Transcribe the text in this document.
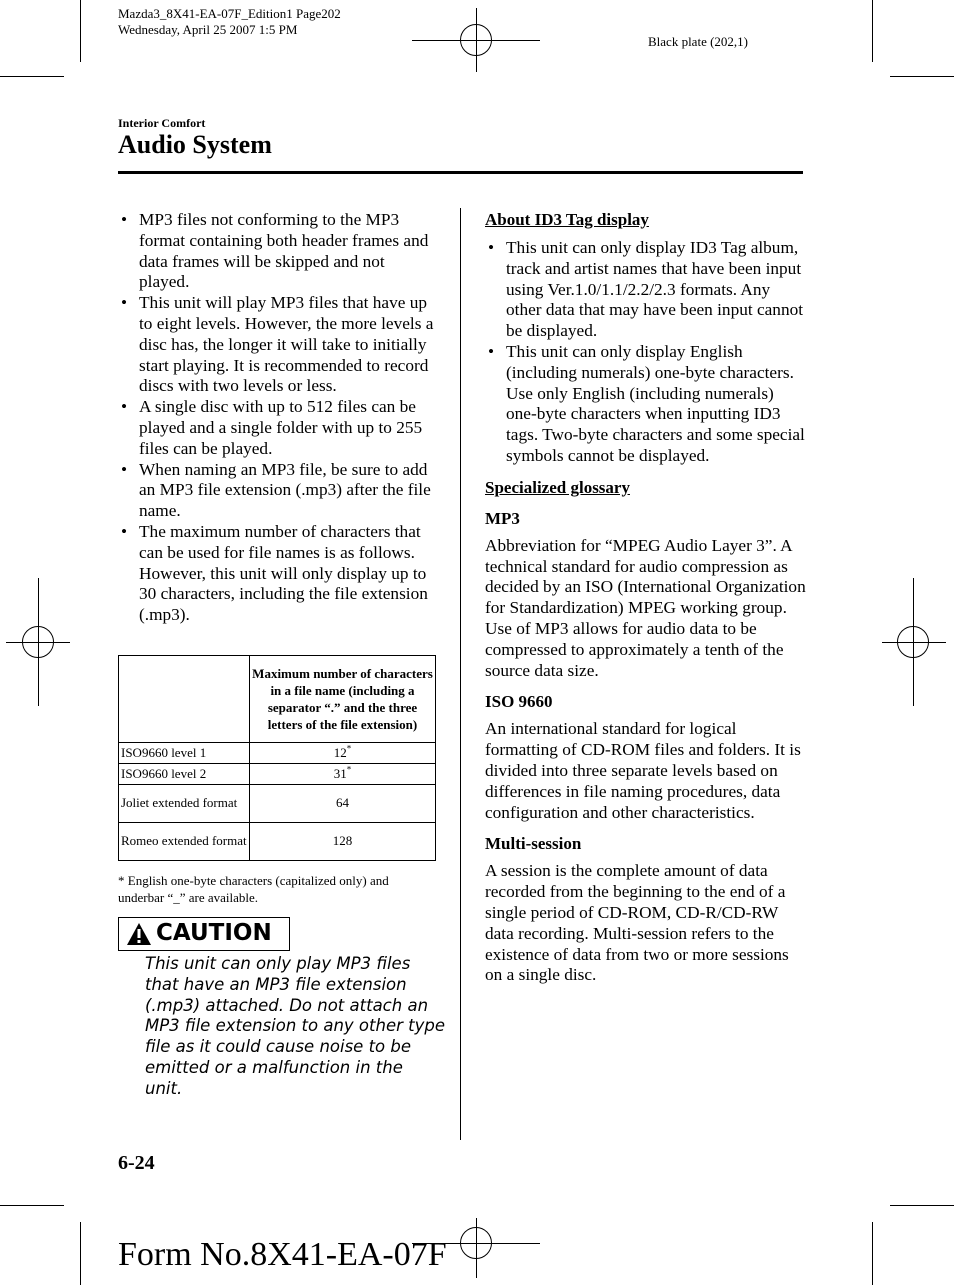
Mazda3_8X41-EA-07F_Edition1 Page202
Wednesday, April 25 2007 1:5 PM
Black plate (202,1)
Interior Comfort
Audio System
• MP3 files not conforming to the MP3 format containing both header frames and data frames will be skipped and not played.
• This unit will play MP3 files that have up to eight levels. However, the more levels a disc has, the longer it will take to initially start playing. It is recommended to record discs with two levels or less.
• A single disc with up to 512 files can be played and a single folder with up to 255 files can be played.
• When naming an MP3 file, be sure to add an MP3 file extension (.mp3) after the file name.
• The maximum number of characters that can be used for file names is as follows. However, this unit will only display up to 30 characters, including the file extension (.mp3).
	Maximum number of characters in a file name (including a separator “.” and the three letters of the file extension)
ISO9660 level 1	12*
ISO9660 level 2	31*
Joliet extended format	64
Romeo extended format	128
* English one-byte characters (capitalized only) and underbar “_” are available.
CAUTION
This unit can only play MP3 files that have an MP3 file extension (.mp3) attached. Do not attach an MP3 file extension to any other type file as it could cause noise to be emitted or a malfunction in the unit.
About ID3 Tag display
• This unit can only display ID3 Tag album, track and artist names that have been input using Ver.1.0/1.1/2.2/2.3 formats. Any other data that may have been input cannot be displayed.
• This unit can only display English (including numerals) one-byte characters. Use only English (including numerals) one-byte characters when inputting ID3 tags. Two-byte characters and some special symbols cannot be displayed.
Specialized glossary
MP3
Abbreviation for “MPEG Audio Layer 3”. A technical standard for audio compression as decided by an ISO (International Organization for Standardization) MPEG working group. Use of MP3 allows for audio data to be compressed to approximately a tenth of the source data size.
ISO 9660
An international standard for logical formatting of CD-ROM files and folders. It is divided into three separate levels based on differences in file naming procedures, data configuration and other characteristics.
Multi-session
A session is the complete amount of data recorded from the beginning to the end of a single period of CD-ROM, CD-R/CD-RW data recording. Multi-session refers to the existence of data from two or more sessions on a single disc.
6-24
Form No.8X41-EA-07F
